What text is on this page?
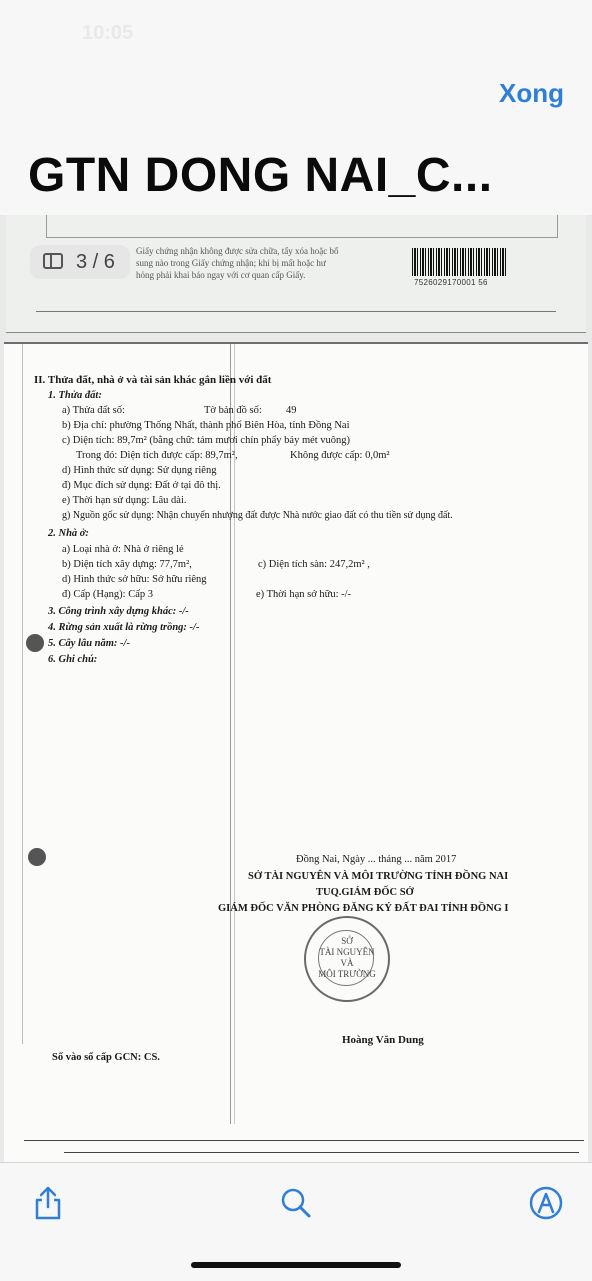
10:05
Xong
GTN DONG NAI_C...
Giấy chứng nhận không được sửa chữa, tẩy xóa hoặc bổ
sung nào trong Giấy chứng nhận; khi bị mất hoặc hư
hỏng phải khai báo ngay với cơ quan cấp Giấy.
7526029170001 56
3 / 6
II. Thửa đất, nhà ở và tài sản khác gắn liền với đất
1. Thửa đất:
a) Thửa đất số:	Tờ bản đồ số: 49
b) Địa chỉ: phường Thống Nhất, thành phố Biên Hòa, tỉnh Đồng Nai
c) Diện tích: 89,7m² (bằng chữ: tám mươi chín phẩy bảy mét vuông)
Trong đó: Diện tích được cấp: 89,7m²,	Không được cấp: 0,0m²
d) Hình thức sử dụng: Sử dụng riêng
đ) Mục đích sử dụng: Đất ở tại đô thị.
e) Thời hạn sử dụng: Lâu dài.
g) Nguồn gốc sử dụng: Nhận chuyển nhượng đất được Nhà nước giao đất có thu tiền sử dụng đất.
2. Nhà ở:
a) Loại nhà ở: Nhà ở riêng lẻ
b) Diện tích xây dựng: 77,7m²,	c) Diện tích sàn: 247,2m² ,
d) Hình thức sở hữu: Sở hữu riêng
đ) Cấp (Hạng): Cấp 3	e) Thời hạn sở hữu: -/-
3. Công trình xây dựng khác: -/-
4. Rừng sản xuất là rừng trồng: -/-
5. Cây lâu năm: -/-
6. Ghi chú:
Đồng Nai, Ngày ... tháng ... năm 2017
SỞ TÀI NGUYÊN VÀ MÔI TRƯỜNG TỈNH ĐỒNG NAI
TUQ.GIÁM ĐỐC SỞ
GIÁM ĐỐC VĂN PHÒNG ĐĂNG KÝ ĐẤT ĐAI TỈNH ĐỒNG I
SỞ
TÀI NGUYÊN
VÀ
MÔI TRƯỜNG
Hoàng Văn Dung
Số vào sổ cấp GCN: CS.
